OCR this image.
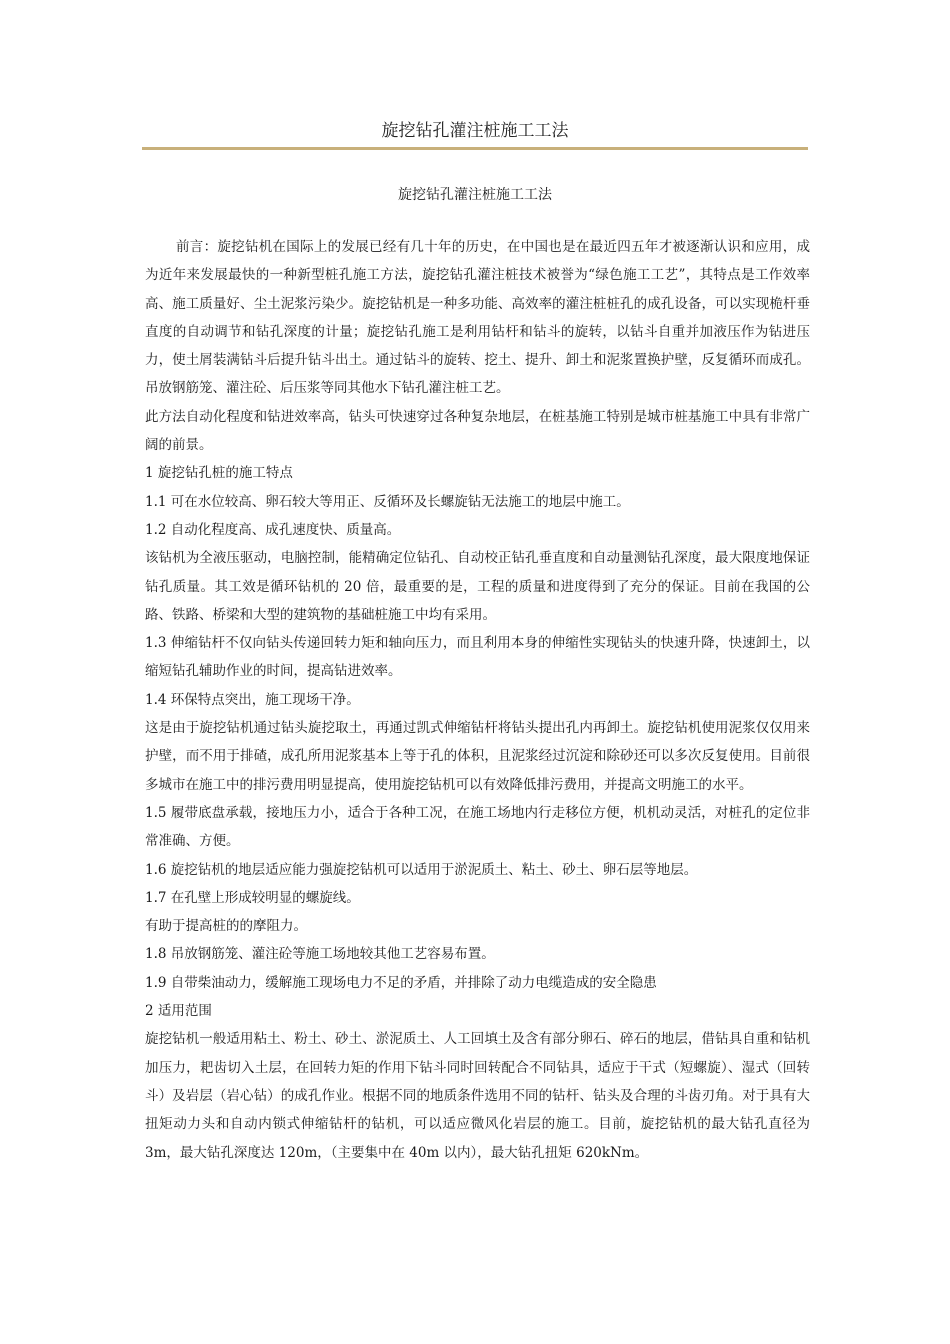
旋挖钻孔灌注桩施工工法
旋挖钻孔灌注桩施工工法

前言：旋挖钻机在国际上的发展已经有几十年的历史，在中国也是在最近四五年才被逐渐认识和应用，成为近年来发展最快的一种新型桩孔施工方法，旋挖钻孔灌注桩技术被誉为“绿色施工工艺”，其特点是工作效率高、施工质量好、尘土泥浆污染少。旋挖钻机是一种多功能、高效率的灌注桩桩孔的成孔设备，可以实现桅杆垂直度的自动调节和钻孔深度的计量；旋挖钻孔施工是利用钻杆和钻斗的旋转，以钻斗自重并加液压作为钻进压力，使土屑装满钻斗后提升钻斗出土。通过钻斗的旋转、挖土、提升、卸土和泥浆置换护壁，反复循环而成孔。吊放钢筋笼、灌注砼、后压浆等同其他水下钻孔灌注桩工艺。

此方法自动化程度和钻进效率高，钻头可快速穿过各种复杂地层，在桩基施工特别是城市桩基施工中具有非常广阔的前景。

1 旋挖钻孔桩的施工特点

1.1 可在水位较高、卵石较大等用正、反循环及长螺旋钻无法施工的地层中施工。

1.2 自动化程度高、成孔速度快、质量高。

该钻机为全液压驱动，电脑控制，能精确定位钻孔、自动校正钻孔垂直度和自动量测钻孔深度，最大限度地保证钻孔质量。其工效是循环钻机的 20 倍，最重要的是，工程的质量和进度得到了充分的保证。目前在我国的公路、铁路、桥梁和大型的建筑物的基础桩施工中均有采用。

1.3 伸缩钻杆不仅向钻头传递回转力矩和轴向压力，而且利用本身的伸缩性实现钻头的快速升降，快速卸土，以缩短钻孔辅助作业的时间，提高钻进效率。

1.4 环保特点突出，施工现场干净。

这是由于旋挖钻机通过钻头旋挖取土，再通过凯式伸缩钻杆将钻头提出孔内再卸土。旋挖钻机使用泥浆仅仅用来护壁，而不用于排碴，成孔所用泥浆基本上等于孔的体积，且泥浆经过沉淀和除砂还可以多次反复使用。目前很多城市在施工中的排污费用明显提高，使用旋挖钻机可以有效降低排污费用，并提高文明施工的水平。

1.5 履带底盘承载，接地压力小，适合于各种工况，在施工场地内行走移位方便，机机动灵活，对桩孔的定位非常准确、方便。

1.6 旋挖钻机的地层适应能力强旋挖钻机可以适用于淤泥质土、粘土、砂土、卵石层等地层。

1.7 在孔壁上形成较明显的螺旋线。

有助于提高桩的的摩阻力。

1.8 吊放钢筋笼、灌注砼等施工场地较其他工艺容易布置。

1.9 自带柴油动力，缓解施工现场电力不足的矛盾，并排除了动力电缆造成的安全隐患

2 适用范围

旋挖钻机一般适用粘土、粉土、砂土、淤泥质土、人工回填土及含有部分卵石、碎石的地层，借钻具自重和钻机加压力，耙齿切入土层，在回转力矩的作用下钻斗同时回转配合不同钻具，适应于干式（短螺旋）、湿式（回转斗）及岩层（岩心钻）的成孔作业。根据不同的地质条件选用不同的钻杆、钻头及合理的斗齿刃角。对于具有大扭矩动力头和自动内锁式伸缩钻杆的钻机，可以适应微风化岩层的施工。目前，旋挖钻机的最大钻孔直径为 3m，最大钻孔深度达 120m，（主要集中在 40m 以内），最大钻孔扭矩 620kNm。
